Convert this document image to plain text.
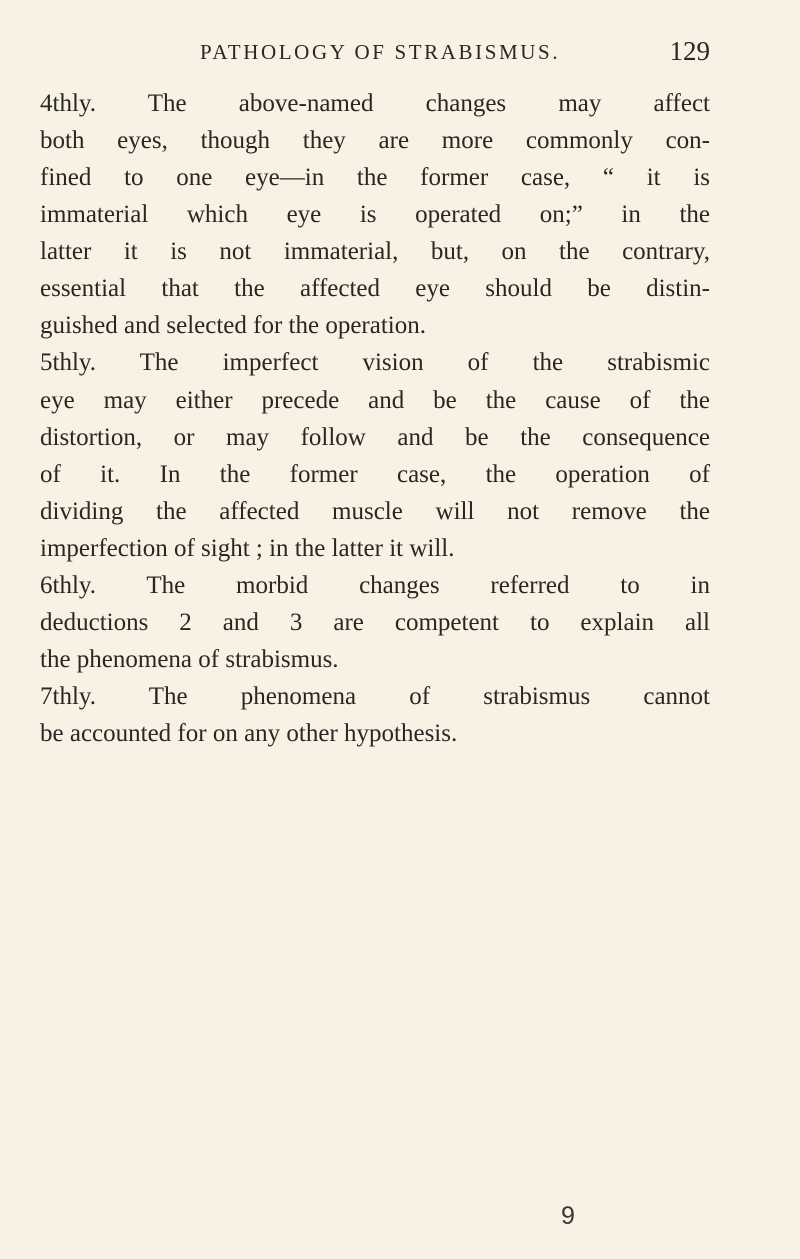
PATHOLOGY OF STRABISMUS.	129
4thly. The above-named changes may affect
both eyes, though they are more commonly con-
fined to one eye—in the former case, “ it is
immaterial which eye is operated on;” in the
latter it is not immaterial, but, on the contrary,
essential that the affected eye should be distin-
guished and selected for the operation.
5thly. The imperfect vision of the strabismic
eye may either precede and be the cause of the
distortion, or may follow and be the consequence
of it. In the former case, the operation of
dividing the affected muscle will not remove the
imperfection of sight ; in the latter it will.
6thly. The morbid changes referred to in
deductions 2 and 3 are competent to explain all
the phenomena of strabismus.
7thly. The phenomena of strabismus cannot
be accounted for on any other hypothesis.
9
